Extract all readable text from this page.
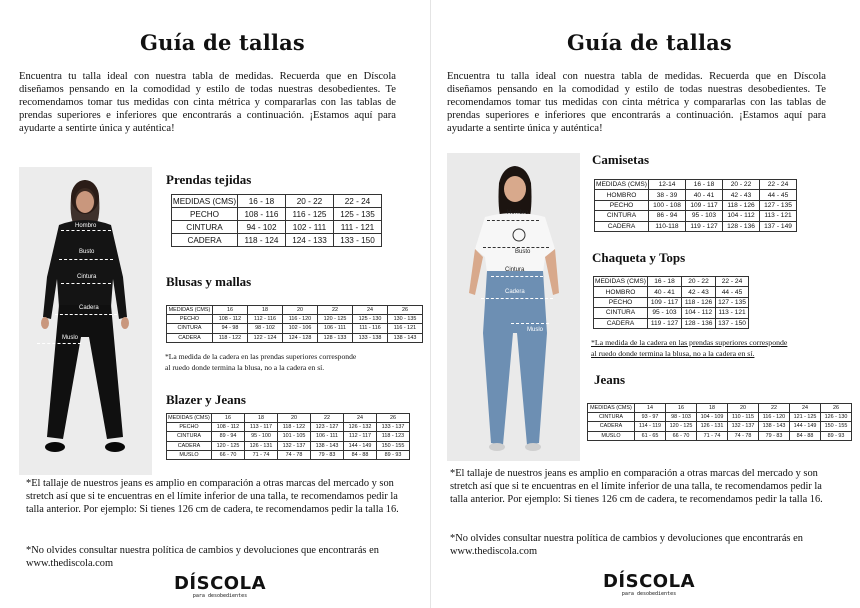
Guía de tallas
Encuentra tu talla ideal con nuestra tabla de medidas. Recuerda que en Díscola diseñamos pensando en la comodidad y estilo de todas nuestras desobedientes. Te recomendamos tomar tus medidas con cinta métrica y compararlas con las tablas de prendas superiores e inferiores que encontrarás a continuación. ¡Estamos aquí para ayudarte a sentirte única y auténtica!
Hombro
Busto
Cintura
Cadera
Muslo
Prendas tejidas
MEDIDAS (CMS)	16 - 18	20 - 22	22 - 24
PECHO	108 - 116	116 - 125	125 - 135
CINTURA	94 - 102	102 - 111	111 - 121
CADERA	118 - 124	124 - 133	133 - 150
Blusas y mallas
MEDIDAS (CMS)	16	18	20	22	24	26
PECHO	108 - 112	112 - 116	116 - 120	120 - 125	125 - 130	130 - 135
CINTURA	94 - 98	98 - 102	102 - 106	106 - 111	111 - 116	116 - 121
CADERA	118 - 122	122 - 124	124 - 128	128 - 133	133 - 138	138 - 143
*La medida de la cadera en las prendas superiores corresponde
al ruedo donde termina la blusa, no a la cadera en sí.
Blazer y Jeans
MEDIDAS (CMS)	16	18	20	22	24	26
PECHO	108 - 112	113 - 117	118 - 122	123 - 127	126 - 132	133 - 137
CINTURA	89 - 94	95 - 100	101 - 105	106 - 111	112 - 117	118 - 123
CADERA	120 - 125	126 - 131	132 - 137	138 - 143	144 - 149	150 - 155
MUSLO	66 - 70	71 - 74	74 - 78	79 - 83	84 - 88	89 - 93
*El tallaje de nuestros jeans es amplio en comparación a otras marcas del mercado y son stretch así que si te encuentras en el límite inferior de una talla, te recomendamos pedir la talla anterior. Por ejemplo: Si tienes 126 cm de cadera, te recomendamos pedir la talla 16.
*No olvides consultar nuestra política de cambios y devoluciones que encontrarás en www.thediscola.com
DÍSCOLA
para desobedientes
Guía de tallas
Encuentra tu talla ideal con nuestra tabla de medidas. Recuerda que en Díscola diseñamos pensando en la comodidad y estilo de todas nuestras desobedientes. Te recomendamos tomar tus medidas con cinta métrica y compararlas con las tablas de prendas superiores e inferiores que encontrarás a continuación. ¡Estamos aquí para ayudarte a sentirte única y auténtica!
Hombro
Busto
Cintura
Cadera
Muslo
Camisetas
MEDIDAS (CMS)	12-14	16 - 18	20 - 22	22 - 24
HOMBRO	38 - 39	40 - 41	42 - 43	44 - 45
PECHO	100 - 108	109 - 117	118 - 126	127 - 135
CINTURA	86 - 94	95 - 103	104 - 112	113 - 121
CADERA	110-118	119 - 127	128 - 136	137 - 149
Chaqueta y Tops
MEDIDAS (CMS)	16 - 18	20 - 22	22 - 24
HOMBRO	40 - 41	42 - 43	44 - 45
PECHO	109 - 117	118 - 126	127 - 135
CINTURA	95 - 103	104 - 112	113 - 121
CADERA	119 - 127	128 - 136	137 - 150
*La medida de la cadera en las prendas superiores corresponde
al ruedo donde termina la blusa, no a la cadera en sí.
Jeans
MEDIDAS (CMS)	14	16	18	20	22	24	26
CINTURA	93 - 97	98 - 103	104 - 109	110 - 115	116 - 120	121 - 125	126 - 130
CADERA	114 - 119	120 - 125	126 - 131	132 - 137	138 - 143	144 - 149	150 - 155
MUSLO	61 - 65	66 - 70	71 - 74	74 - 78	79 - 83	84 - 88	89 - 93
*El tallaje de nuestros jeans es amplio en comparación a otras marcas del mercado y son stretch así que si te encuentras en el límite inferior de una talla, te recomendamos pedir la talla anterior. Por ejemplo: Si tienes 126 cm de cadera, te recomendamos pedir la talla 16.
*No olvides consultar nuestra política de cambios y devoluciones que encontrarás en www.thediscola.com
DÍSCOLA
para desobedientes
